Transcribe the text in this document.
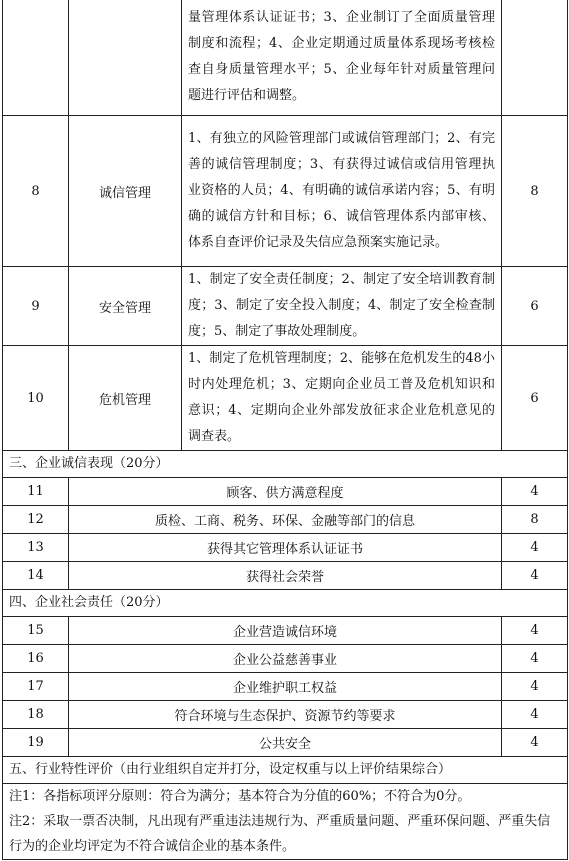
		量管理体系认证证书；3、企业制订了全面质量管理制度和流程；4、企业定期通过质量体系现场考核检查自身质量管理水平；5、企业每年针对质量管理问题进行评估和调整。	
8	诚信管理	1、有独立的风险管理部门或诚信管理部门；2、有完善的诚信管理制度；3、有获得过诚信或信用管理执业资格的人员；4、有明确的诚信承诺内容；5、有明确的诚信方针和目标；6、诚信管理体系内部审核、体系自查评价记录及失信应急预案实施记录。	8
9	安全管理	1、制定了安全责任制度；2、制定了安全培训教育制度；3、制定了安全投入制度；4、制定了安全检查制度；5、制定了事故处理制度。	6
10	危机管理	1、制定了危机管理制度；2、能够在危机发生的48小时内处理危机；3、定期向企业员工普及危机知识和意识；4、定期向企业外部发放征求企业危机意见的调查表。	6
三、企业诚信表现（20分）			
11	顾客、供方满意程度		4
12	质检、工商、税务、环保、金融等部门的信息		8
13	获得其它管理体系认证证书		4
14	获得社会荣誉		4
四、企业社会责任（20分）			
15	企业营造诚信环境		4
16	企业公益慈善事业		4
17	企业维护职工权益		4
18	符合环境与生态保护、资源节约等要求		4
19	公共安全		4
五、行业特性评价（由行业组织自定并打分，设定权重与以上评价结果综合）			

注1：各指标项评分原则：符合为满分；基本符合为分值的60%；不符合为0分。
注2：采取一票否决制，凡出现有严重违法违规行为、严重质量问题、严重环保问题、严重失信行为的企业均评定为不符合诚信企业的基本条件。			
